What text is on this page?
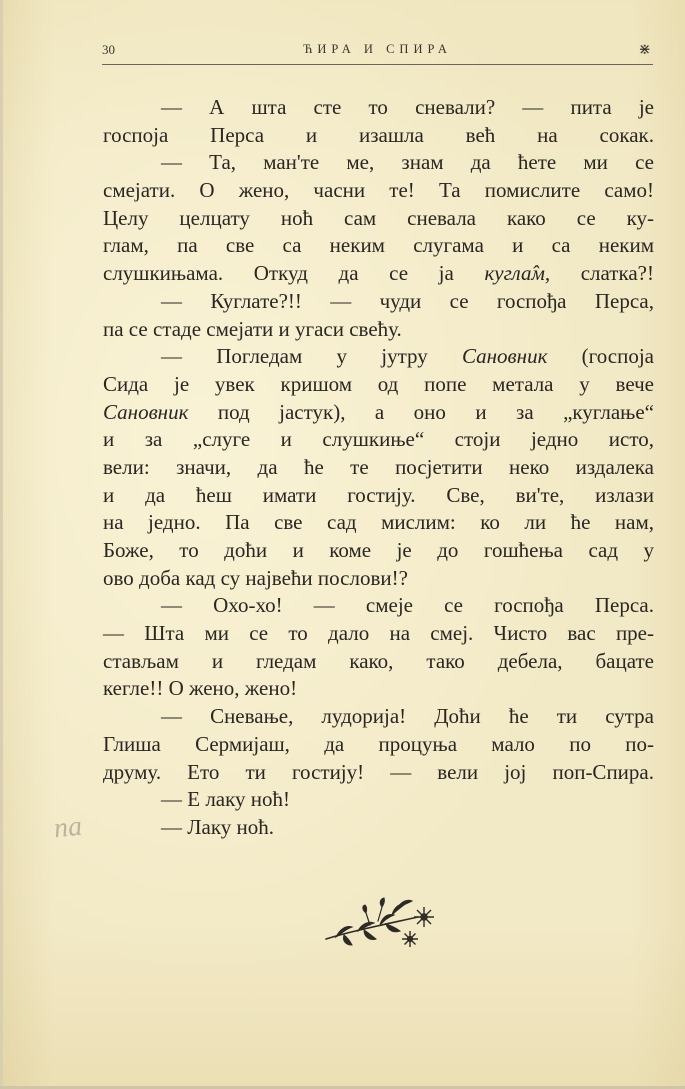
30	ЋИРА И СПИРА	⋇
— А шта сте то сневали? — пита је
госпоја Перса и изашла већ на сокак.
— Та, ман'те ме, знам да ћете ми се
смејати. О жено, часни те! Та помислите само!
Целу целцату ноћ сам сневала како се ку-
глам, па све са неким слугама и са неким
слушкињама. Откуд да се ја кугла̂м, слатка?!
— Куглате?!! — чуди се госпођа Перса,
па се стаде смејати и угаси свећу.
— Погледам у јутру Сановник (госпоја
Сида је увек кришом од попе метала у вече
Сановник под јастук), а оно и за „куглање“
и за „слуге и слушкиње“ стоји једно исто,
вели: значи, да ће те посјетити неко издалека
и да ћеш имати гостију. Све, ви'те, излази
на једно. Па све сад мислим: ко ли ће нам,
Боже, то доћи и коме је до гошћења сад у
ово доба кад су највећи послови!?
— Охо-хо! — смеје се госпођа Перса.
— Шта ми се то дало на смеј. Чисто вас пре-
стављам и гледам како, тако дебела, бацате
кегле!! О жено, жено!
— Сневање, лудорија! Доћи ће ти сутра
Глиша Сермијаш, да процуња мало по по-
друму. Ето ти гостију! — вели јој поп-Спира.
— Е лаку ноћ!
— Лаку ноћ.
па
